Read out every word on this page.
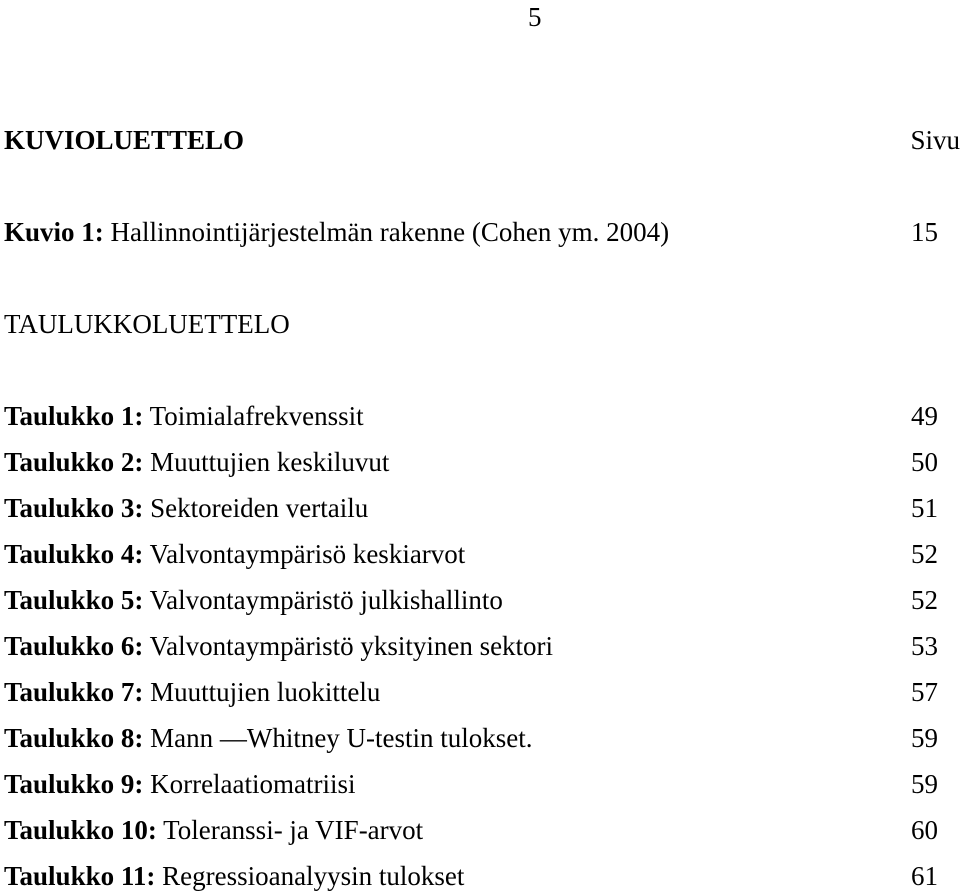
5
KUVIOLUETTELO	Sivu
Kuvio 1: Hallinnointijärjestelmän rakenne (Cohen ym. 2004)	15
TAULUKKOLUETTELO
Taulukko 1: Toimialafrekvenssit	49
Taulukko 2: Muuttujien keskiluvut	50
Taulukko 3: Sektoreiden vertailu	51
Taulukko 4: Valvontaympärisö keskiarvot	52
Taulukko 5: Valvontaympäristö julkishallinto	52
Taulukko 6: Valvontaympäristö yksityinen sektori	53
Taulukko 7: Muuttujien luokittelu	57
Taulukko 8: Mann —Whitney U-testin tulokset.	59
Taulukko 9: Korrelaatiomatriisi	59
Taulukko 10: Toleranssi- ja VIF-arvot	60
Taulukko 11: Regressioanalyysin tulokset	61
